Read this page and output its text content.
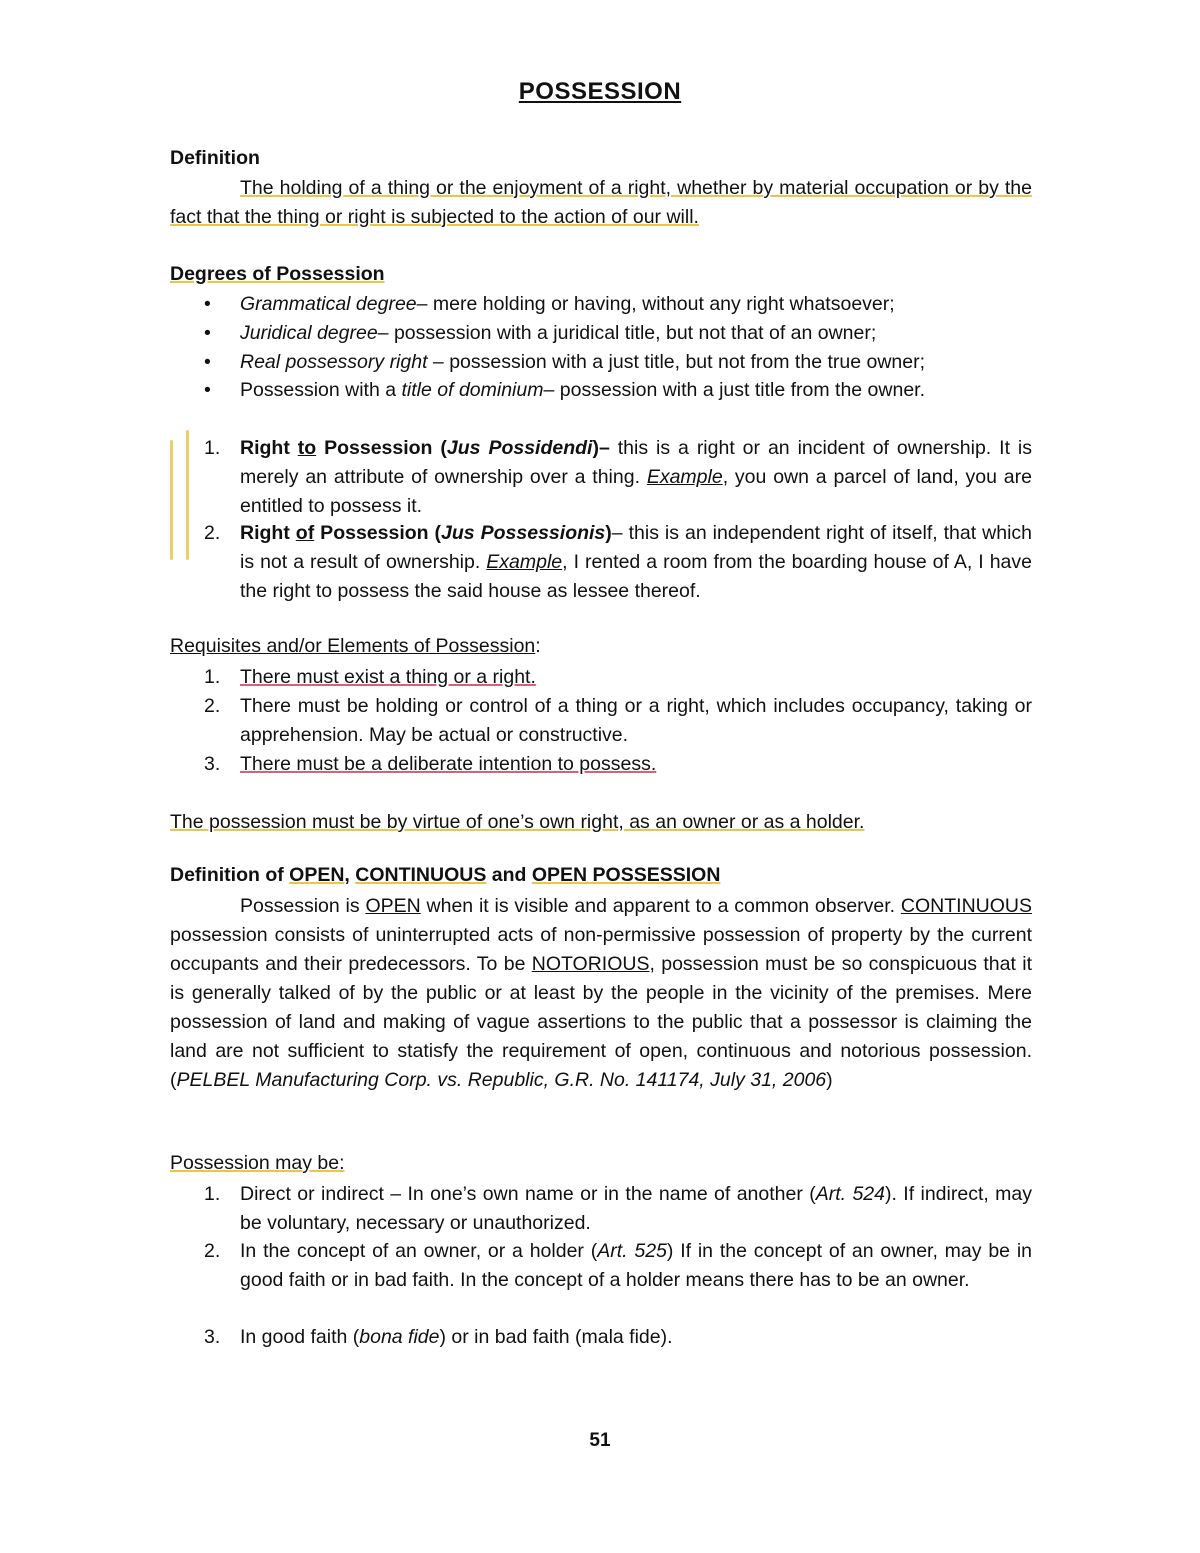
POSSESSION
Definition
The holding of a thing or the enjoyment of a right, whether by material occupation or by the fact that the thing or right is subjected to the action of our will.
Degrees of Possession
• Grammatical degree– mere holding or having, without any right whatsoever;
• Juridical degree– possession with a juridical title, but not that of an owner;
• Real possessory right – possession with a just title, but not from the true owner;
• Possession with a title of dominium– possession with a just title from the owner.
1. Right to Possession (Jus Possidendi)– this is a right or an incident of ownership. It is merely an attribute of ownership over a thing. Example, you own a parcel of land, you are entitled to possess it.
2. Right of Possession (Jus Possessionis)– this is an independent right of itself, that which is not a result of ownership. Example, I rented a room from the boarding house of A, I have the right to possess the said house as lessee thereof.
Requisites and/or Elements of Possession:
1. There must exist a thing or a right.
2. There must be holding or control of a thing or a right, which includes occupancy, taking or apprehension. May be actual or constructive.
3. There must be a deliberate intention to possess.
The possession must be by virtue of one’s own right, as an owner or as a holder.
Definition of OPEN, CONTINUOUS and OPEN POSSESSION
Possession is OPEN when it is visible and apparent to a common observer. CONTINUOUS possession consists of uninterrupted acts of non-permissive possession of property by the current occupants and their predecessors. To be NOTORIOUS, possession must be so conspicuous that it is generally talked of by the public or at least by the people in the vicinity of the premises. Mere possession of land and making of vague assertions to the public that a possessor is claiming the land are not sufficient to statisfy the requirement of open, continuous and notorious possession. (PELBEL Manufacturing Corp. vs. Republic, G.R. No. 141174, July 31, 2006)
Possession may be:
1. Direct or indirect – In one’s own name or in the name of another (Art. 524). If indirect, may be voluntary, necessary or unauthorized.
2. In the concept of an owner, or a holder (Art. 525) If in the concept of an owner, may be in good faith or in bad faith. In the concept of a holder means there has to be an owner.
3. In good faith (bona fide) or in bad faith (mala fide).
51
